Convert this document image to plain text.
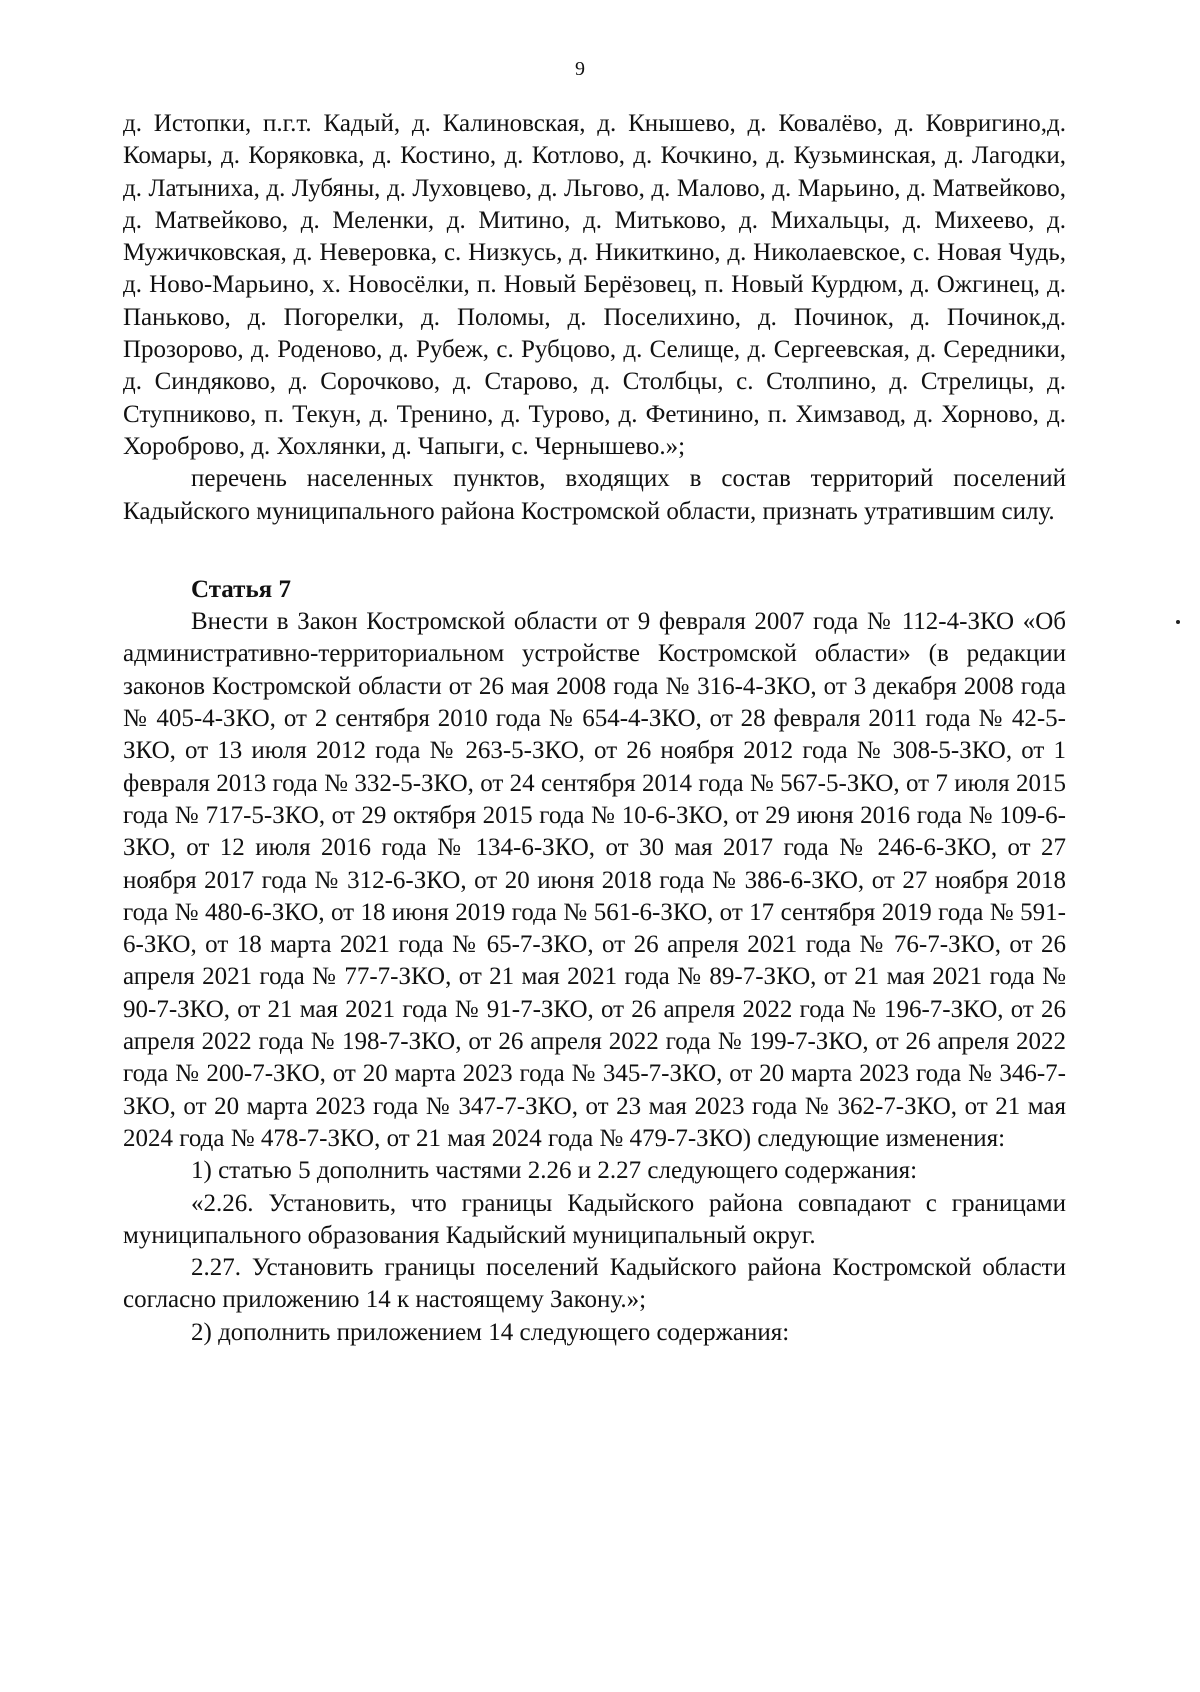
9

д. Истопки, п.г.т. Кадый, д. Калиновская, д. Кнышево, д. Ковалёво, д. Ковригино,д. Комары, д. Коряковка, д. Костино, д. Котлово, д. Кочкино, д. Кузьминская, д. Лагодки, д. Латыниха, д. Лубяны, д. Луховцево, д. Льгово, д. Малово, д. Марьино, д. Матвейково, д. Матвейково, д. Меленки, д. Митино, д. Митьково, д. Михальцы, д. Михеево, д. Мужичковская, д. Неверовка, с. Низкусь, д. Никиткино, д. Николаевское, с. Новая Чудь, д. Ново-Марьино, х. Новосёлки, п. Новый Берёзовец, п. Новый Курдюм, д. Ожгинец, д. Паньково, д. Погорелки, д. Поломы, д. Поселихино, д. Починок, д. Починок,д. Прозорово, д. Роденово, д. Рубеж, с. Рубцово, д. Селище, д. Сергеевская, д. Середники, д. Синдяково, д. Сорочково, д. Старово, д. Столбцы, с. Столпино, д. Стрелицы, д. Ступниково, п. Текун, д. Тренино, д. Турово, д. Фетинино, п. Химзавод, д. Хорново, д. Хороброво, д. Хохлянки, д. Чапыги, с. Чернышево.»;

перечень населенных пунктов, входящих в состав территорий поселений Кадыйского муниципального района Костромской области, признать утратившим силу.

Статья 7

Внести в Закон Костромской области от 9 февраля 2007 года № 112-4-ЗКО «Об административно-территориальном устройстве Костромской области» (в редакции законов Костромской области от 26 мая 2008 года № 316-4-ЗКО, от 3 декабря 2008 года № 405-4-ЗКО, от 2 сентября 2010 года № 654-4-ЗКО, от 28 февраля 2011 года № 42-5-ЗКО, от 13 июля 2012 года № 263-5-ЗКО, от 26 ноября 2012 года № 308-5-ЗКО, от 1 февраля 2013 года № 332-5-ЗКО, от 24 сентября 2014 года № 567-5-ЗКО, от 7 июля 2015 года № 717-5-ЗКО, от 29 октября 2015 года № 10-6-ЗКО, от 29 июня 2016 года № 109-6-ЗКО, от 12 июля 2016 года № 134-6-ЗКО, от 30 мая 2017 года № 246-6-ЗКО, от 27 ноября 2017 года № 312-6-ЗКО, от 20 июня 2018 года № 386-6-ЗКО, от 27 ноября 2018 года № 480-6-ЗКО, от 18 июня 2019 года № 561-6-ЗКО, от 17 сентября 2019 года № 591-6-ЗКО, от 18 марта 2021 года № 65-7-ЗКО, от 26 апреля 2021 года № 76-7-ЗКО, от 26 апреля 2021 года № 77-7-ЗКО, от 21 мая 2021 года № 89-7-ЗКО, от 21 мая 2021 года № 90-7-ЗКО, от 21 мая 2021 года № 91-7-ЗКО, от 26 апреля 2022 года № 196-7-ЗКО, от 26 апреля 2022 года № 198-7-ЗКО, от 26 апреля 2022 года № 199-7-ЗКО, от 26 апреля 2022 года № 200-7-ЗКО, от 20 марта 2023 года № 345-7-ЗКО, от 20 марта 2023 года № 346-7-ЗКО, от 20 марта 2023 года № 347-7-ЗКО, от 23 мая 2023 года № 362-7-ЗКО, от 21 мая 2024 года № 478-7-ЗКО, от 21 мая 2024 года № 479-7-ЗКО) следующие изменения:

1) статью 5 дополнить частями 2.26 и 2.27 следующего содержания:

«2.26. Установить, что границы Кадыйского района совпадают с границами муниципального образования Кадыйский муниципальный округ.

2.27. Установить границы поселений Кадыйского района Костромской области согласно приложению 14 к настоящему Закону.»;

2) дополнить приложением 14 следующего содержания:
